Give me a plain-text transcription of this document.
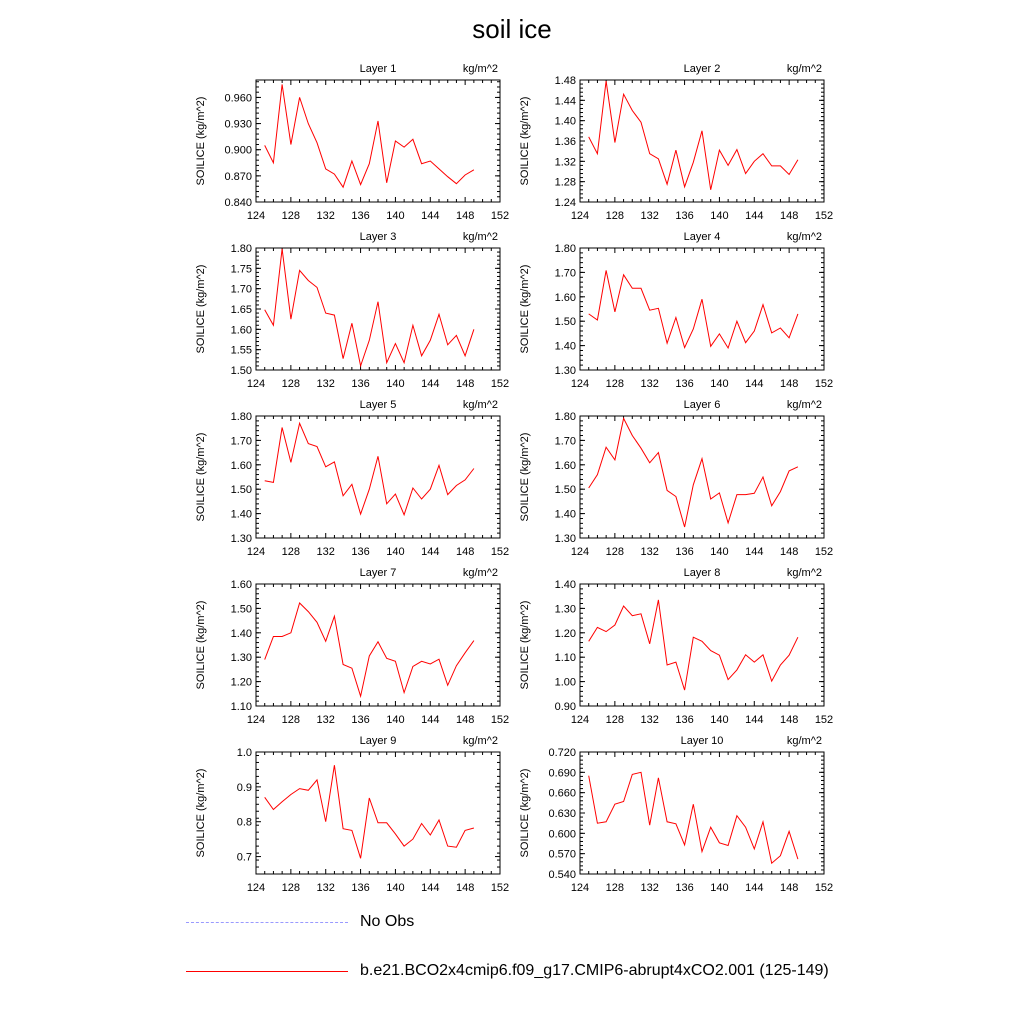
soil ice
124 128 132 136 140 144 148 152
0.840
0.870
0.900
0.930
0.960
SOILICE (kg/m^2)
Layer 1	kg/m^2
124 128 132 136 140 144 148 152
1.24
1.28
1.32
1.36
1.40
1.44
1.48
SOILICE (kg/m^2)
Layer 2	kg/m^2
124 128 132 136 140 144 148 152
1.50
1.55
1.60
1.65
1.70
1.75
1.80
SOILICE (kg/m^2)
Layer 3	kg/m^2
124 128 132 136 140 144 148 152
1.30
1.40
1.50
1.60
1.70
1.80
SOILICE (kg/m^2)
Layer 4	kg/m^2
124 128 132 136 140 144 148 152
1.30
1.40
1.50
1.60
1.70
1.80
SOILICE (kg/m^2)
Layer 5	kg/m^2
124 128 132 136 140 144 148 152
1.30
1.40
1.50
1.60
1.70
1.80
SOILICE (kg/m^2)
Layer 6	kg/m^2
124 128 132 136 140 144 148 152
1.10
1.20
1.30
1.40
1.50
1.60
SOILICE (kg/m^2)
Layer 7	kg/m^2
124 128 132 136 140 144 148 152
0.90
1.00
1.10
1.20
1.30
1.40
SOILICE (kg/m^2)
Layer 8	kg/m^2
124 128 132 136 140 144 148 152
0.7
0.8
0.9
1.0
SOILICE (kg/m^2)
Layer 9	kg/m^2
124 128 132 136 140 144 148 152
0.540
0.570
0.600
0.630
0.660
0.690
0.720
SOILICE (kg/m^2)
Layer 10	kg/m^2
No Obs
b.e21.BCO2x4cmip6.f09_g17.CMIP6-abrupt4xCO2.001 (125-149)
